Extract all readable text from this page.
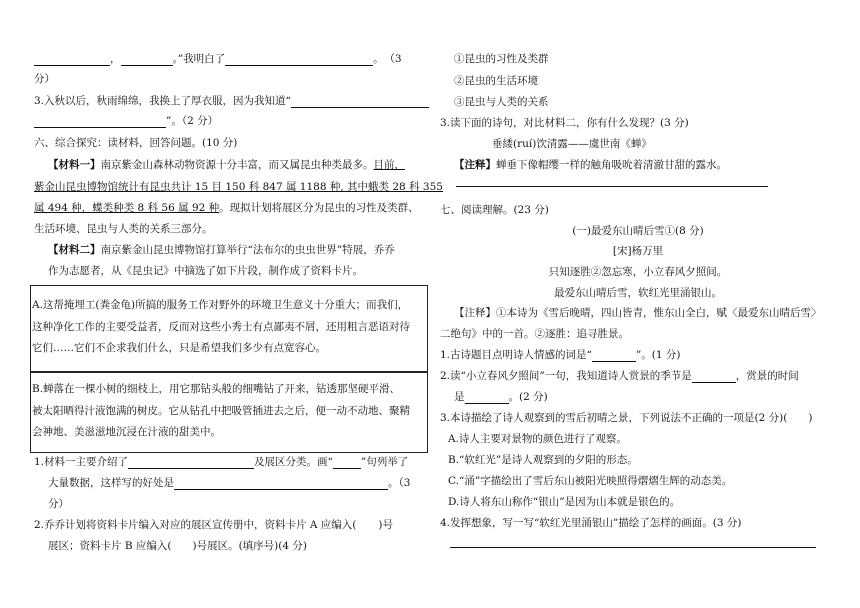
，	。”我明白了	。 （3
分）
3.入秋以后，秋雨绵绵，我换上了厚衣服，因为我知道“
”。（2 分）
六、综合探究：读材料，回答问题。(10 分)
【材料一】南京紫金山森林动物资源十分丰富，而又属昆虫种类最多。目前，
紫金山昆虫博物馆统计有昆虫共计 15 目 150 科 847 属 1188 种, 其中蛾类 28 科 355
属 494 种，蝶类种类 8 科 56 属 92 种。现拟计划将展区分为昆虫的习性及类群、
生活环境、昆虫与人类的关系三部分。
【材料二】南京紫金山昆虫博物馆打算举行“法布尔的虫虫世界”特展，乔乔
作为志愿者，从《昆虫记》中摘选了如下片段，制作成了资料卡片。
A.这帮掩埋工(粪金龟)所搞的服务工作对野外的环境卫生意义十分重大；而我们，
这种净化工作的主要受益者，反而对这些小秀士有点鄙夷不屑，还用粗言恶语对待
它们……它们不企求我们什么，只是希望我们多少有点宽容心。
B.蝉落在一棵小树的细枝上，用它那钻头般的细嘴钻了开来，钻透那坚硬平滑、
被太阳晒得汁液饱满的树皮。它从钻孔中把吸管插进去之后，便一动不动地、聚精
会神地、美滋滋地沉浸在汁液的甜美中。
1.材料一主要介绍了	及展区分类。画“	”句列举了
大量数据，这样写的好处是	。（3
分）
2.乔乔计划将资料卡片编入对应的展区宣传册中，资料卡片 A 应编入( )号
展区；资料卡片 B 应编入(　　)号展区。(填序号)(4 分)
①昆虫的习性及类群
②昆虫的生活环境
③昆虫与人类的关系
3.读下面的诗句，对比材料二，你有什么发现？(3 分)
垂緌(ruí)饮清露——虞世南《蝉》
【注释】蝉垂下像帽缨一样的触角吸吮着清澈甘甜的露水。
七、阅读理解。(23 分)
(一)最爱东山晴后雪①(8 分)
[宋]杨万里
只知逐胜②忽忘寒，小立春风夕照间。
最爱东山晴后雪，软红光里涌银山。
【注释】①本诗为《雪后晚晴，四山皆青，惟东山全白，赋〈最爱东山晴后雪〉
二绝句》中的一首。②逐胜：追寻胜景。
1.古诗题目点明诗人情感的词是“	”。(1 分)
2.读“小立春风夕照间”一句，我知道诗人赏景的季节是	，赏景的时间
是	。(2 分)
3.本诗描绘了诗人观察到的雪后初晴之景，下列说法不正确的一项是(2 分)(　　)
A.诗人主要对景物的颜色进行了观察。
B.“软红光”是诗人观察到的夕阳的形态。
C.“涌”字描绘出了雪后东山被阳光映照得熠熠生辉的动态美。
D.诗人将东山称作“银山”是因为山本就是银色的。
4.发挥想象，写一写“软红光里涌银山”描绘了怎样的画面。(3 分)
